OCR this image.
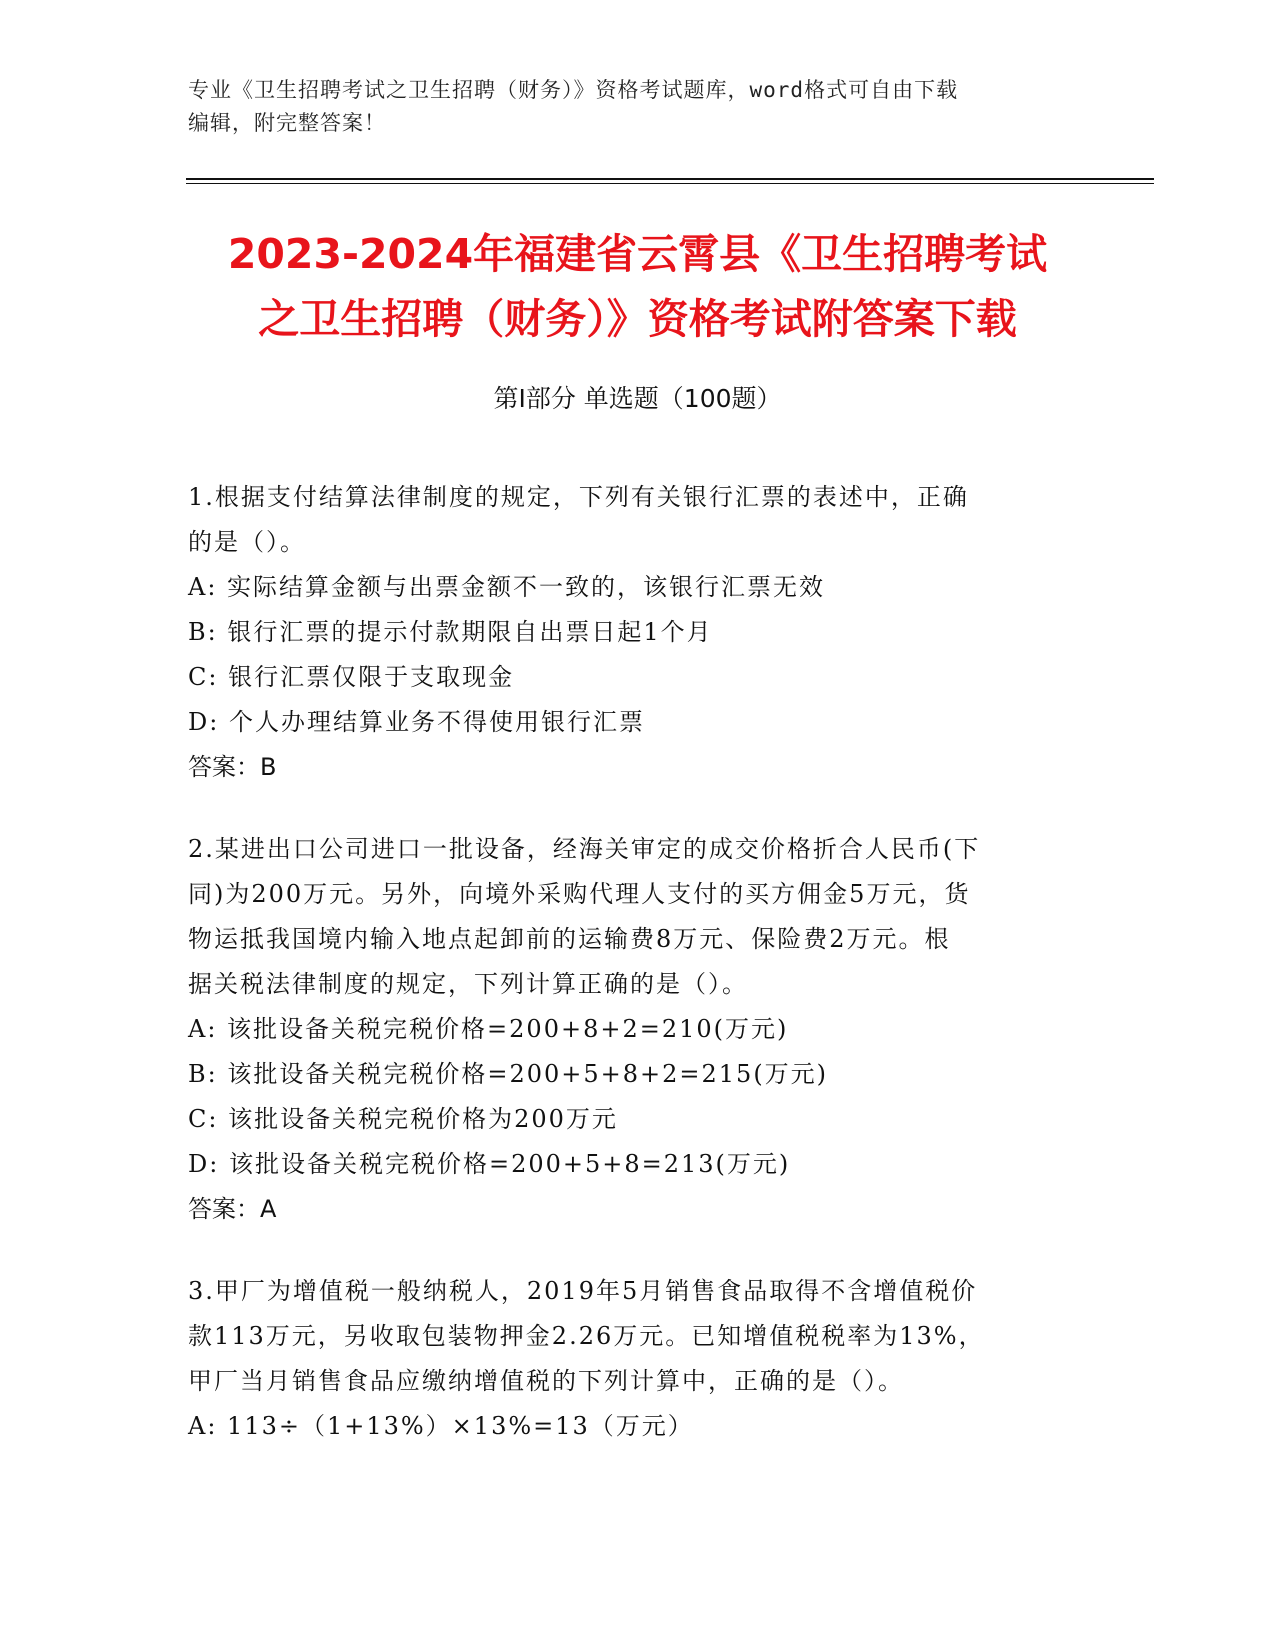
专业《卫生招聘考试之卫生招聘（财务）》资格考试题库，word格式可自由下载
编辑，附完整答案！
2023-2024年福建省云霄县《卫生招聘考试
之卫生招聘（财务）》资格考试附答案下载
第Ⅰ部分 单选题（100题）

1.根据支付结算法律制度的规定，下列有关银行汇票的表述中，正确

的是（）。

A: 实际结算金额与出票金额不一致的，该银行汇票无效

B: 银行汇票的提示付款期限自出票日起1个月

C: 银行汇票仅限于支取现金

D: 个人办理结算业务不得使用银行汇票

答案：B

2.某进出口公司进口一批设备，经海关审定的成交价格折合人民币(下

同)为200万元。另外，向境外采购代理人支付的买方佣金5万元，货

物运抵我国境内输入地点起卸前的运输费8万元、保险费2万元。根

据关税法律制度的规定，下列计算正确的是（）。

A: 该批设备关税完税价格=200+8+2=210(万元)

B: 该批设备关税完税价格=200+5+8+2=215(万元)

C: 该批设备关税完税价格为200万元

D: 该批设备关税完税价格=200+5+8=213(万元)

答案：A

3.甲厂为增值税一般纳税人，2019年5月销售食品取得不含增值税价

款113万元，另收取包装物押金2.26万元。已知增值税税率为13%，

甲厂当月销售食品应缴纳增值税的下列计算中，正确的是（）。

A: 113÷（1+13%）×13%=13（万元）
